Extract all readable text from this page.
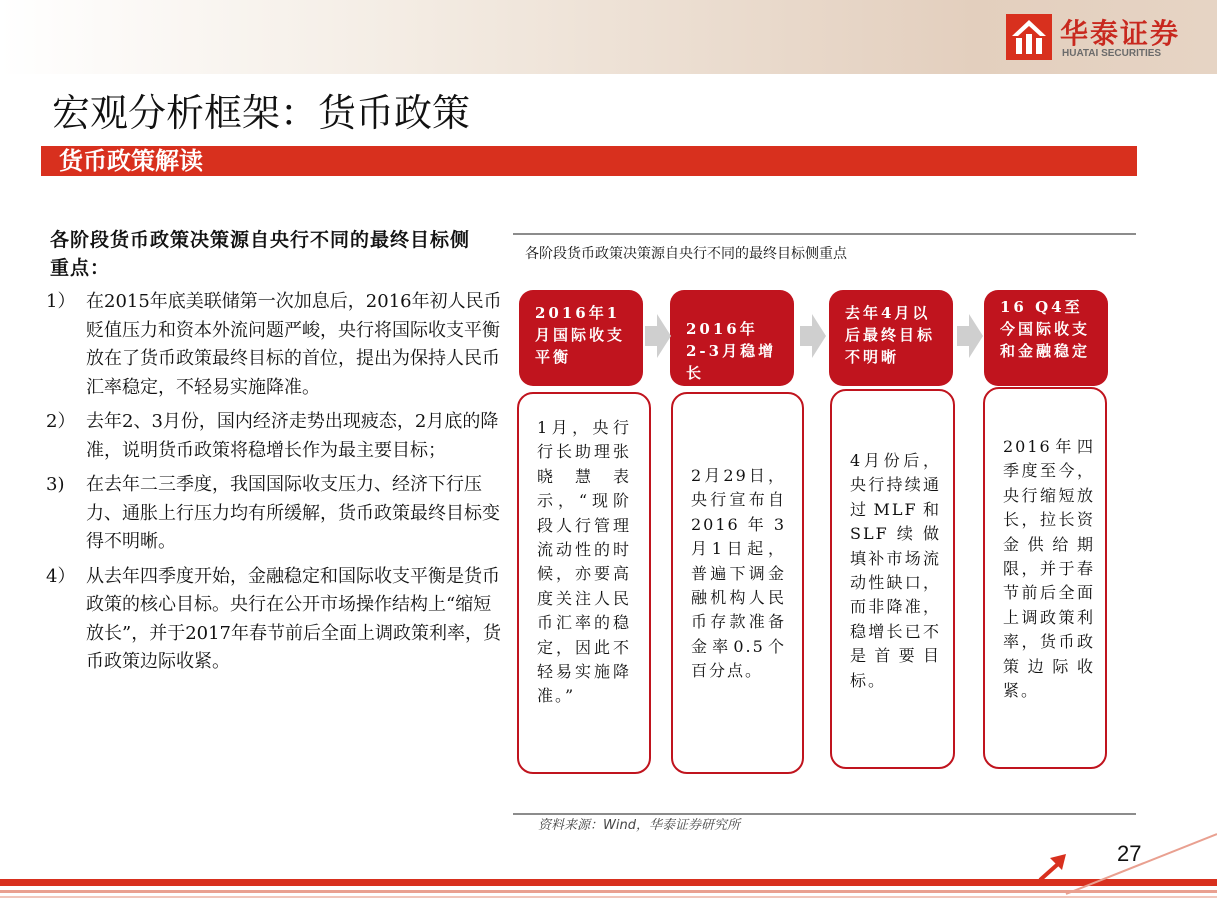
华泰证券
HUATAI SECURITIES
宏观分析框架：货币政策
货币政策解读
各阶段货币政策决策源自央行不同的最终目标侧重点：
1） 在2015年底美联储第一次加息后，2016年初人民币贬值压力和资本外流问题严峻，央行将国际收支平衡放在了货币政策最终目标的首位，提出为保持人民币汇率稳定，不轻易实施降准。
2） 去年2、3月份，国内经济走势出现疲态，2月底的降准，说明货币政策将稳增长作为最主要目标；
3) 在去年二三季度，我国国际收支压力、经济下行压力、通胀上行压力均有所缓解，货币政策最终目标变得不明晰。
4） 从去年四季度开始，金融稳定和国际收支平衡是货币政策的核心目标。央行在公开市场操作结构上“缩短放长”，并于2017年春节前后全面上调政策利率，货币政策边际收紧。
各阶段货币政策决策源自央行不同的最终目标侧重点
2016年1月国际收支平衡
2016年2-3月稳增长
去年4月以后最终目标不明晰
16 Q4至今国际收支和金融稳定
1月，央行行长助理张晓慧表示，“现阶段人行管理流动性的时候，亦要高度关注人民币汇率的稳定，因此不轻易实施降准。”
2月29日，央行宣布自2016年3月1日起，普遍下调金融机构人民币存款准备金率0.5个百分点。
4月份后，央行持续通过MLF和SLF续做填补市场流动性缺口，而非降准，稳增长已不是首要目标。
2016年四季度至今，央行缩短放长，拉长资金供给期限，并于春节前后全面上调政策利率，货币政策边际收紧。
资料来源：Wind，华泰证券研究所
27
